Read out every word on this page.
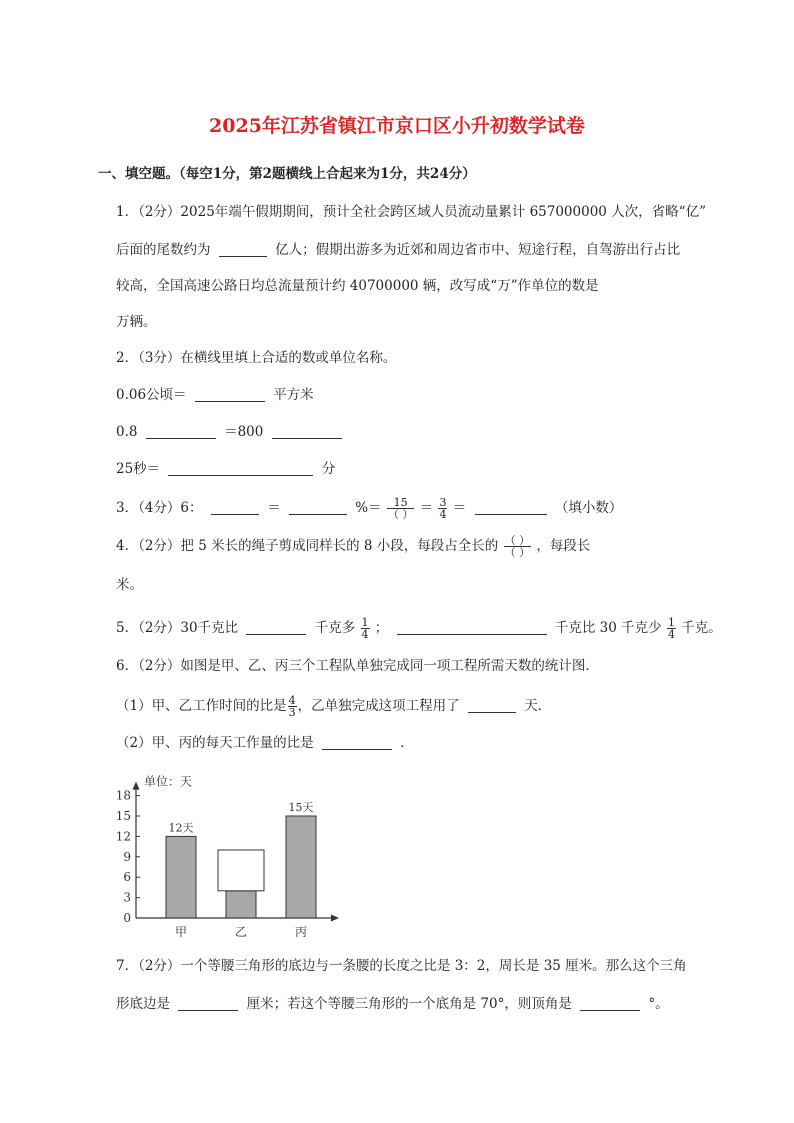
2025年江苏省镇江市京口区小升初数学试卷
一、填空题。（每空1分，第2题横线上合起来为1分，共24分）
1．（2分）2025年端午假期期间，预计全社会跨区域人员流动量累计 657000000 人次，省略“亿”
后面的尾数约为	亿人；假期出游多为近郊和周边省市中、短途行程，自驾游出行占比
较高，全国高速公路日均总流量预计约 40700000 辆，改写成“万”作单位的数是
万辆。
2．（3分）在横线里填上合适的数或单位名称。
0.06公顷＝	平方米
0.8	＝800
25秒＝	分
3．（4分）6：	＝	%＝ $\frac{15}{( )} = \frac{3}{4}$ ＝	（填小数）
4．（2分）把 5 米长的绳子剪成同样长的 8 小段，每段占全长的 $\frac{( )}{( )}$ ，每段长
米。
5．（2分）30千克比	千克多 $\frac{1}{4}$ ；	千克比 30 千克少 $\frac{1}{4}$ 千克。
6．（2分）如图是甲、乙、丙三个工程队单独完成同一项工程所需天数的统计图．
（1）甲、乙工作时间的比是 $\frac{4}{3}$ ，乙单独完成这项工程用了	天．
（2）甲、丙的每天工作量的比是	．
单位：天
0
3
6
9
12
15
18
甲
12天
乙	丙
15天
7．（2分）一个等腰三角形的底边与一条腰的长度之比是 3：2，周长是 35 厘米。那么这个三角
形底边是	厘米；若这个等腰三角形的一个底角是 70°，则顶角是	°。
